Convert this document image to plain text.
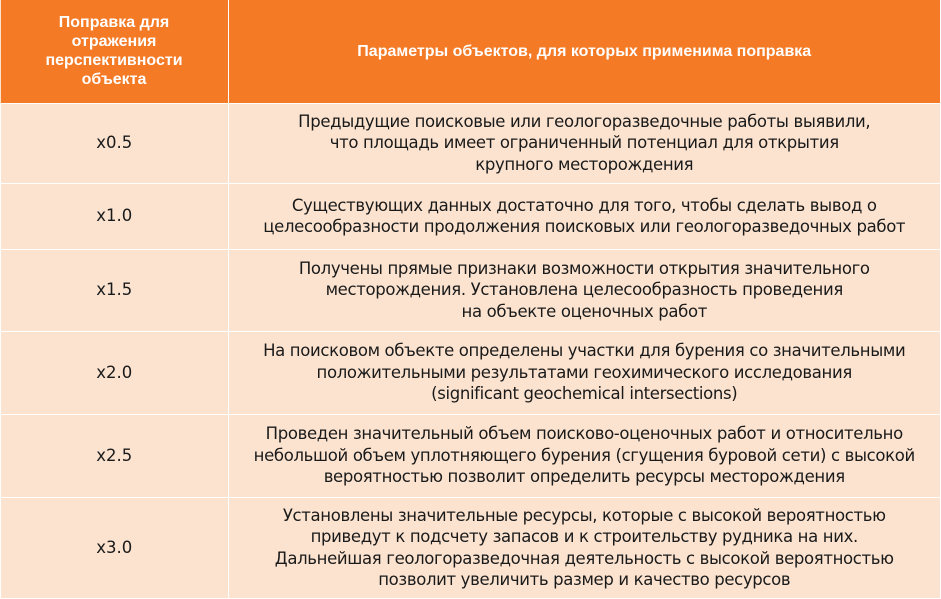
Поправка для
отражения
перспективности
объекта	Параметры объектов, для которых применима поправка
x0.5	Предыдущие поисковые или геологоразведочные работы выявили,
что площадь имеет ограниченный потенциал для открытия
крупного месторождения

x1.0	Существующих данных достаточно для того, чтобы сделать вывод о
целесообразности продолжения поисковых или геологоразведочных работ

x1.5	Получены прямые признаки возможности открытия значительного
месторождения. Установлена целесообразность проведения
на объекте оценочных работ

x2.0	На поисковом объекте определены участки для бурения со значительными
положительными результатами геохимического исследования
(significant geochemical intersections)

x2.5	Проведен значительный объем поисково-оценочных работ и относительно
небольшой объем уплотняющего бурения (сгущения буровой сети) с высокой
вероятностью позволит определить ресурсы месторождения

x3.0	Установлены значительные ресурсы, которые с высокой вероятностью
приведут к подсчету запасов и к строительству рудника на них.
Дальнейшая геологоразведочная деятельность с высокой вероятностью
позволит увеличить размер и качество ресурсов
